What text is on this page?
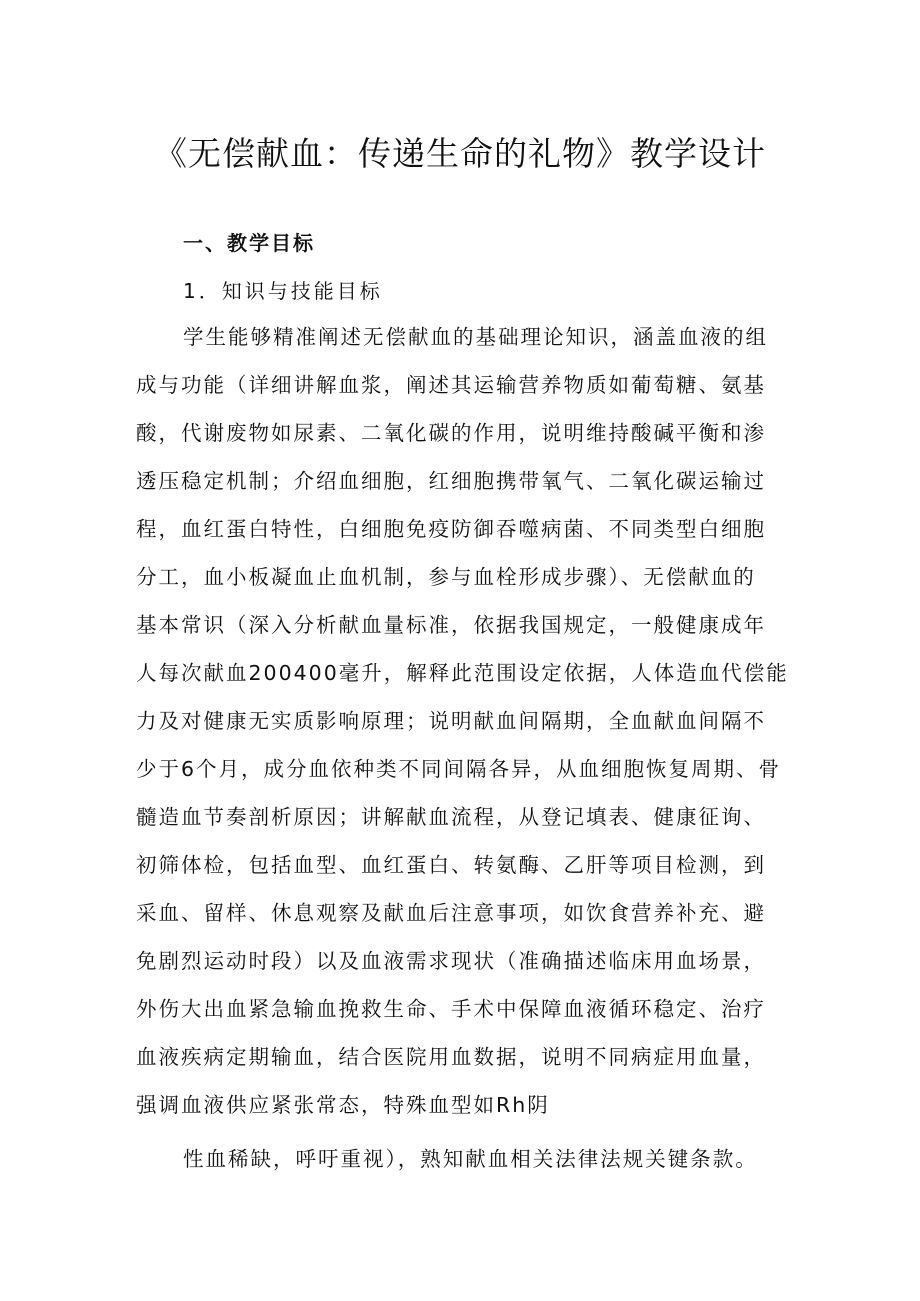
《无偿献血：传递生命的礼物》教学设计
一、教学目标
1．知识与技能目标
学生能够精准阐述无偿献血的基础理论知识，涵盖血液的组
成与功能（详细讲解血浆，阐述其运输营养物质如葡萄糖、氨基
酸，代谢废物如尿素、二氧化碳的作用，说明维持酸碱平衡和渗
透压稳定机制；介绍血细胞，红细胞携带氧气、二氧化碳运输过
程，血红蛋白特性，白细胞免疫防御吞噬病菌、不同类型白细胞
分工，血小板凝血止血机制，参与血栓形成步骤）、无偿献血的
基本常识（深入分析献血量标准，依据我国规定，一般健康成年
人每次献血200400毫升，解释此范围设定依据，人体造血代偿能
力及对健康无实质影响原理；说明献血间隔期，全血献血间隔不
少于6个月，成分血依种类不同间隔各异，从血细胞恢复周期、骨
髓造血节奏剖析原因；讲解献血流程，从登记填表、健康征询、
初筛体检，包括血型、血红蛋白、转氨酶、乙肝等项目检测，到
采血、留样、休息观察及献血后注意事项，如饮食营养补充、避
免剧烈运动时段）以及血液需求现状（准确描述临床用血场景，
外伤大出血紧急输血挽救生命、手术中保障血液循环稳定、治疗
血液疾病定期输血，结合医院用血数据，说明不同病症用血量，
强调血液供应紧张常态，特殊血型如Rh阴
性血稀缺，呼吁重视），熟知献血相关法律法规关键条款。
